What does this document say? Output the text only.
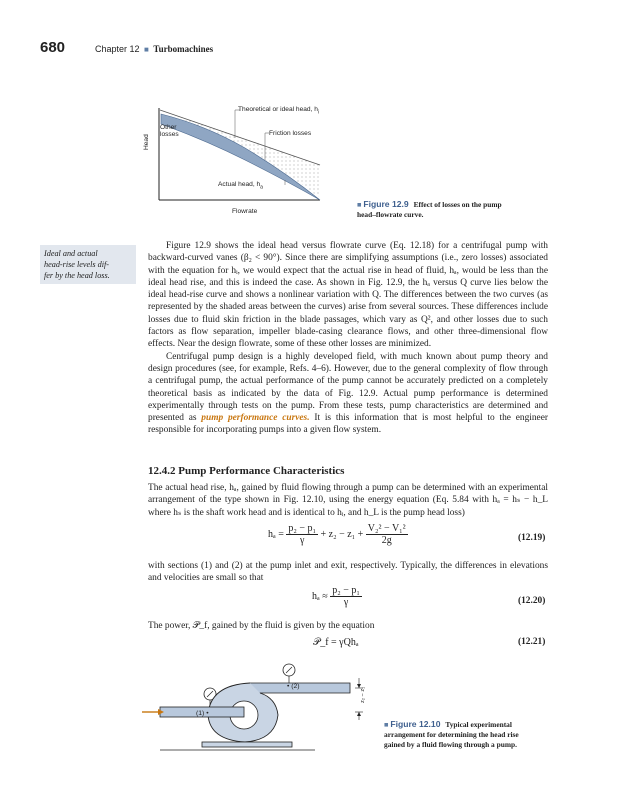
680	Chapter 12 ■ Turbomachines
Theoretical or ideal head, $h_i$
Other
losses	Friction losses
Actual head, $h_a$
Head
Flowrate
■ Figure 12.9 Effect of losses on the pump
head–flowrate curve.
Ideal and actual
head-rise levels dif-
fer by the head loss.

Figure 12.9 shows the ideal head versus flowrate curve (Eq. 12.18) for a centrifugal pump with backward-curved vanes (β₂ < 90°). Since there are simplifying assumptions (i.e., zero losses) associated with the equation for hᵢ, we would expect that the actual rise in head of fluid, hₐ, would be less than the ideal head rise, and this is indeed the case. As shown in Fig. 12.9, the hₐ versus Q curve lies below the ideal head-rise curve and shows a nonlinear variation with Q. The differences between the two curves (as represented by the shaded areas between the curves) arise from several sources. These differences include losses due to fluid skin friction in the blade passages, which vary as Q², and other losses due to such factors as flow separation, impeller blade-casing clearance flows, and other three-dimensional flow effects. Near the design flowrate, some of these other losses are minimized.

Centrifugal pump design is a highly developed field, with much known about pump theory and design procedures (see, for example, Refs. 4–6). However, due to the general complexity of flow through a centrifugal pump, the actual performance of the pump cannot be accurately predicted on a completely theoretical basis as indicated by the data of Fig. 12.9. Actual pump performance is determined experimentally through tests on the pump. From these tests, pump characteristics are determined and presented as pump performance curves. It is this information that is most helpful to the engineer responsible for incorporating pumps into a given flow system.

12.4.2 Pump Performance Characteristics

The actual head rise, hₐ, gained by fluid flowing through a pump can be determined with an experimental arrangement of the type shown in Fig. 12.10, using the energy equation (Eq. 5.84 with hₐ = hₛ − h_L where hₛ is the shaft work head and is identical to hᵢ, and h_L is the pump head loss)

$h_a = \frac{\text{p₂ − p₁}}{\gamma} + z_2 - z_1 + \frac{\text{V₂² − V₁²}}{2g}$	(12.19)

with sections (1) and (2) at the pump inlet and exit, respectively. Typically, the differences in elevations and velocities are small so that

$h_a \approx \frac{\text{p₂ − p₁}}{\gamma}$	(12.20)

The power, 𝒫_f, gained by the fluid is given by the equation

𝒫_f = γQhₐ	(12.21)
• (2)
(1) •
z₂ − z₁
■ Figure 12.10 Typical experimental
arrangement for determining the head rise
gained by a fluid flowing through a pump.
